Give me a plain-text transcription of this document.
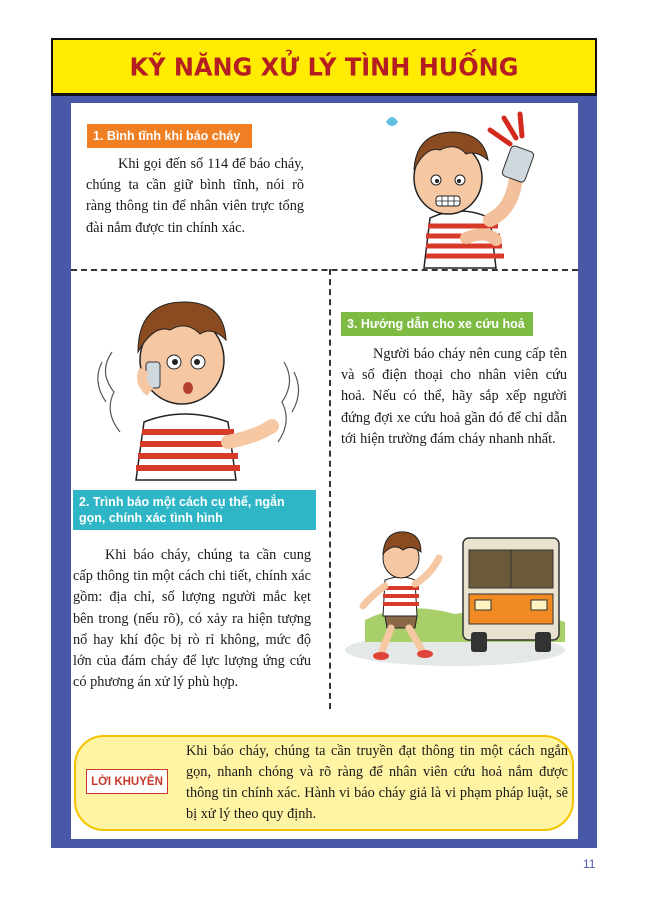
KỸ NĂNG XỬ LÝ TÌNH HUỐNG
1. Bình tĩnh khi báo cháy

Khi gọi đến số 114 để báo cháy, chúng ta cần giữ bình tĩnh, nói rõ ràng thông tin để nhân viên trực tổng đài nắm được tin chính xác.

3. Hướng dẫn cho xe cứu hoả

Người báo cháy nên cung cấp tên và số điện thoại cho nhân viên cứu hoả. Nếu có thể, hãy sắp xếp người đứng đợi xe cứu hoả gần đó để chỉ dẫn tới hiện trường đám cháy nhanh nhất.

2. Trình báo một cách cụ thể, ngắn gọn, chính xác tình hình

Khi báo cháy, chúng ta cần cung cấp thông tin một cách chi tiết, chính xác gồm: địa chỉ, số lượng người mắc kẹt bên trong (nếu rõ), có xảy ra hiện tượng nổ hay khí độc bị rò rỉ không, mức độ lớn của đám cháy để lực lượng ứng cứu có phương án xử lý phù hợp.

LỜI KHUYÊN

Khi báo cháy, chúng ta cần truyền đạt thông tin một cách ngắn gọn, nhanh chóng và rõ ràng để nhân viên cứu hoả nắm được thông tin chính xác. Hành vi báo cháy giả là vi phạm pháp luật, sẽ bị xử lý theo quy định.

11
